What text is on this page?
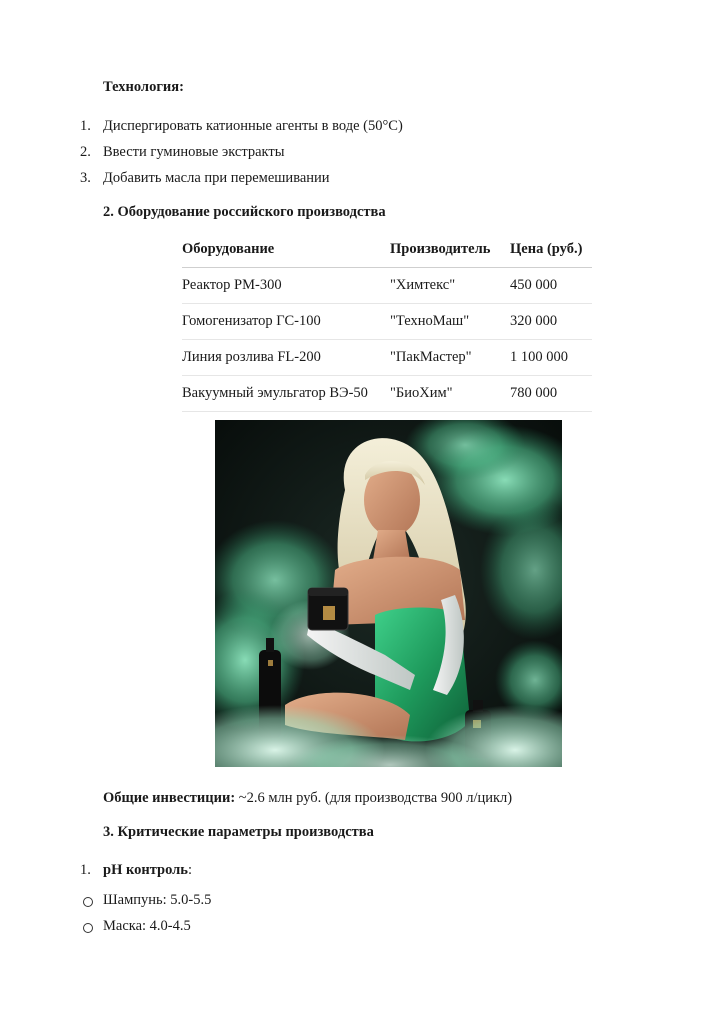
Технология:
1. Диспергировать катионные агенты в воде (50°C)
2. Ввести гуминовые экстракты
3. Добавить масла при перемешивании
2. Оборудование российского производства
Оборудование	Производитель	Цена (руб.)
Реактор РМ-300	"Химтекс"	450 000
Гомогенизатор ГС-100	"ТехноМаш"	320 000
Линия розлива FL-200	"ПакМастер"	1 100 000
Вакуумный эмульгатор ВЭ-50	"БиоХим"	780 000
Общие инвестиции: ~2.6 млн руб. (для производства 900 л/цикл)
3. Критические параметры производства
1. pH контроль:
Шампунь: 5.0-5.5
Маска: 4.0-4.5
